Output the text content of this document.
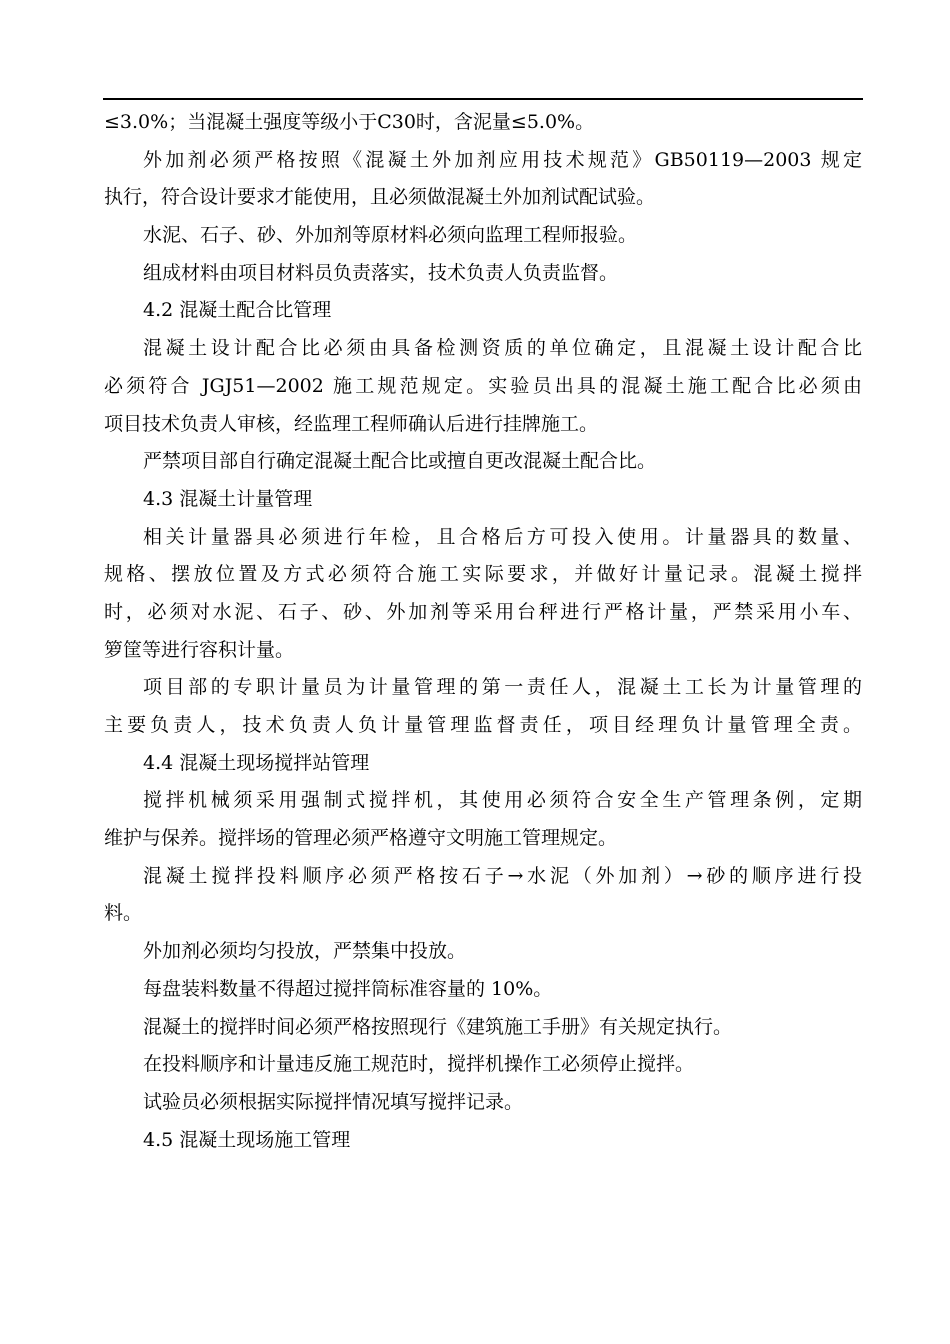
≤3.0%；当混凝土强度等级小于C30时，含泥量≤5.0%。
外加剂必须严格按照《混凝土外加剂应用技术规范》GB50119—2003 规定
执行，符合设计要求才能使用，且必须做混凝土外加剂试配试验。
水泥、石子、砂、外加剂等原材料必须向监理工程师报验。
组成材料由项目材料员负责落实，技术负责人负责监督。
4.2 混凝土配合比管理
混凝土设计配合比必须由具备检测资质的单位确定，且混凝土设计配合比
必须符合 JGJ51—2002 施工规范规定。实验员出具的混凝土施工配合比必须由
项目技术负责人审核，经监理工程师确认后进行挂牌施工。
严禁项目部自行确定混凝土配合比或擅自更改混凝土配合比。
4.3 混凝土计量管理
相关计量器具必须进行年检，且合格后方可投入使用。计量器具的数量、
规格、摆放位置及方式必须符合施工实际要求，并做好计量记录。混凝土搅拌
时，必须对水泥、石子、砂、外加剂等采用台秤进行严格计量，严禁采用小车、
箩筐等进行容积计量。
项目部的专职计量员为计量管理的第一责任人，混凝土工长为计量管理的
主要负责人，技术负责人负计量管理监督责任，项目经理负计量管理全责。
4.4 混凝土现场搅拌站管理
搅拌机械须采用强制式搅拌机，其使用必须符合安全生产管理条例，定期
维护与保养。搅拌场的管理必须严格遵守文明施工管理规定。
混凝土搅拌投料顺序必须严格按石子→水泥（外加剂）→砂的顺序进行投
料。
外加剂必须均匀投放，严禁集中投放。
每盘装料数量不得超过搅拌筒标准容量的 10%。
混凝土的搅拌时间必须严格按照现行《建筑施工手册》有关规定执行。
在投料顺序和计量违反施工规范时，搅拌机操作工必须停止搅拌。
试验员必须根据实际搅拌情况填写搅拌记录。
4.5 混凝土现场施工管理
